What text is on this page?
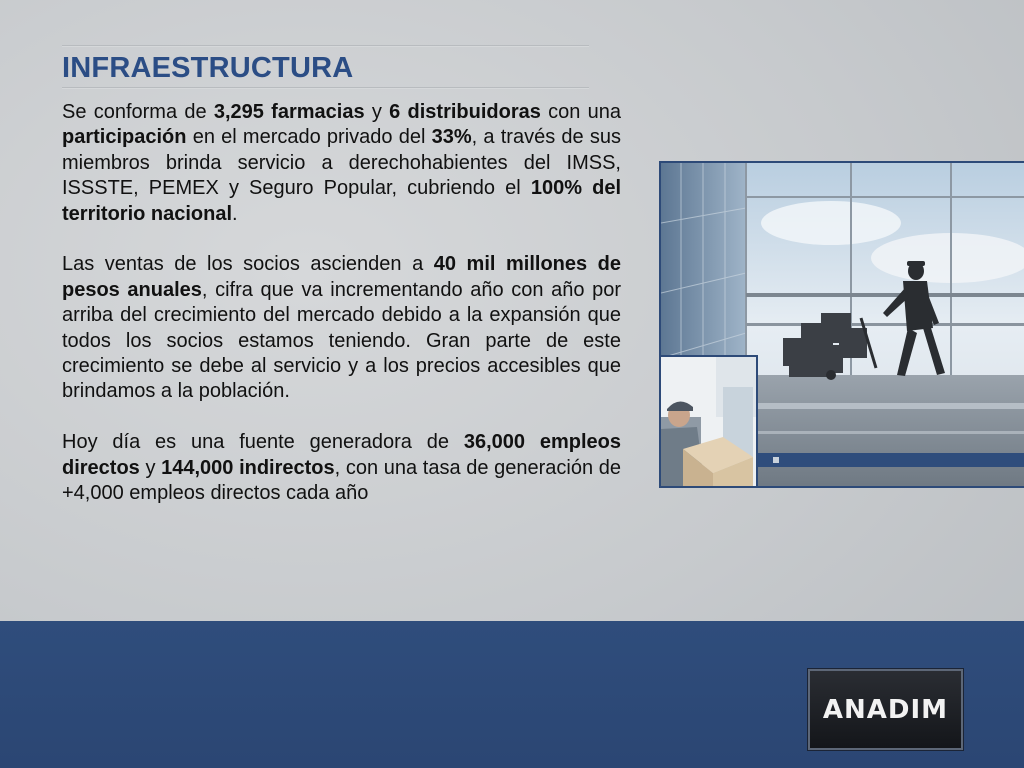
INFRAESTRUCTURA

Se conforma de 3,295 farmacias y 6 distribuidoras con una participación en el mercado privado del 33%, a través de sus miembros brinda servicio a derechohabientes del IMSS, ISSSTE, PEMEX y Seguro Popular, cubriendo el 100% del territorio nacional.

Las ventas de los socios ascienden a 40 mil millones de pesos anuales, cifra que va incrementando año con año por arriba del crecimiento del mercado debido a la expansión que todos los socios estamos teniendo. Gran parte de este crecimiento se debe al servicio y a los precios accesibles que brindamos a la población.

Hoy día es una fuente generadora de 36,000 empleos directos y 144,000 indirectos, con una tasa de generación de +4,000 empleos directos cada año

ANADIM
